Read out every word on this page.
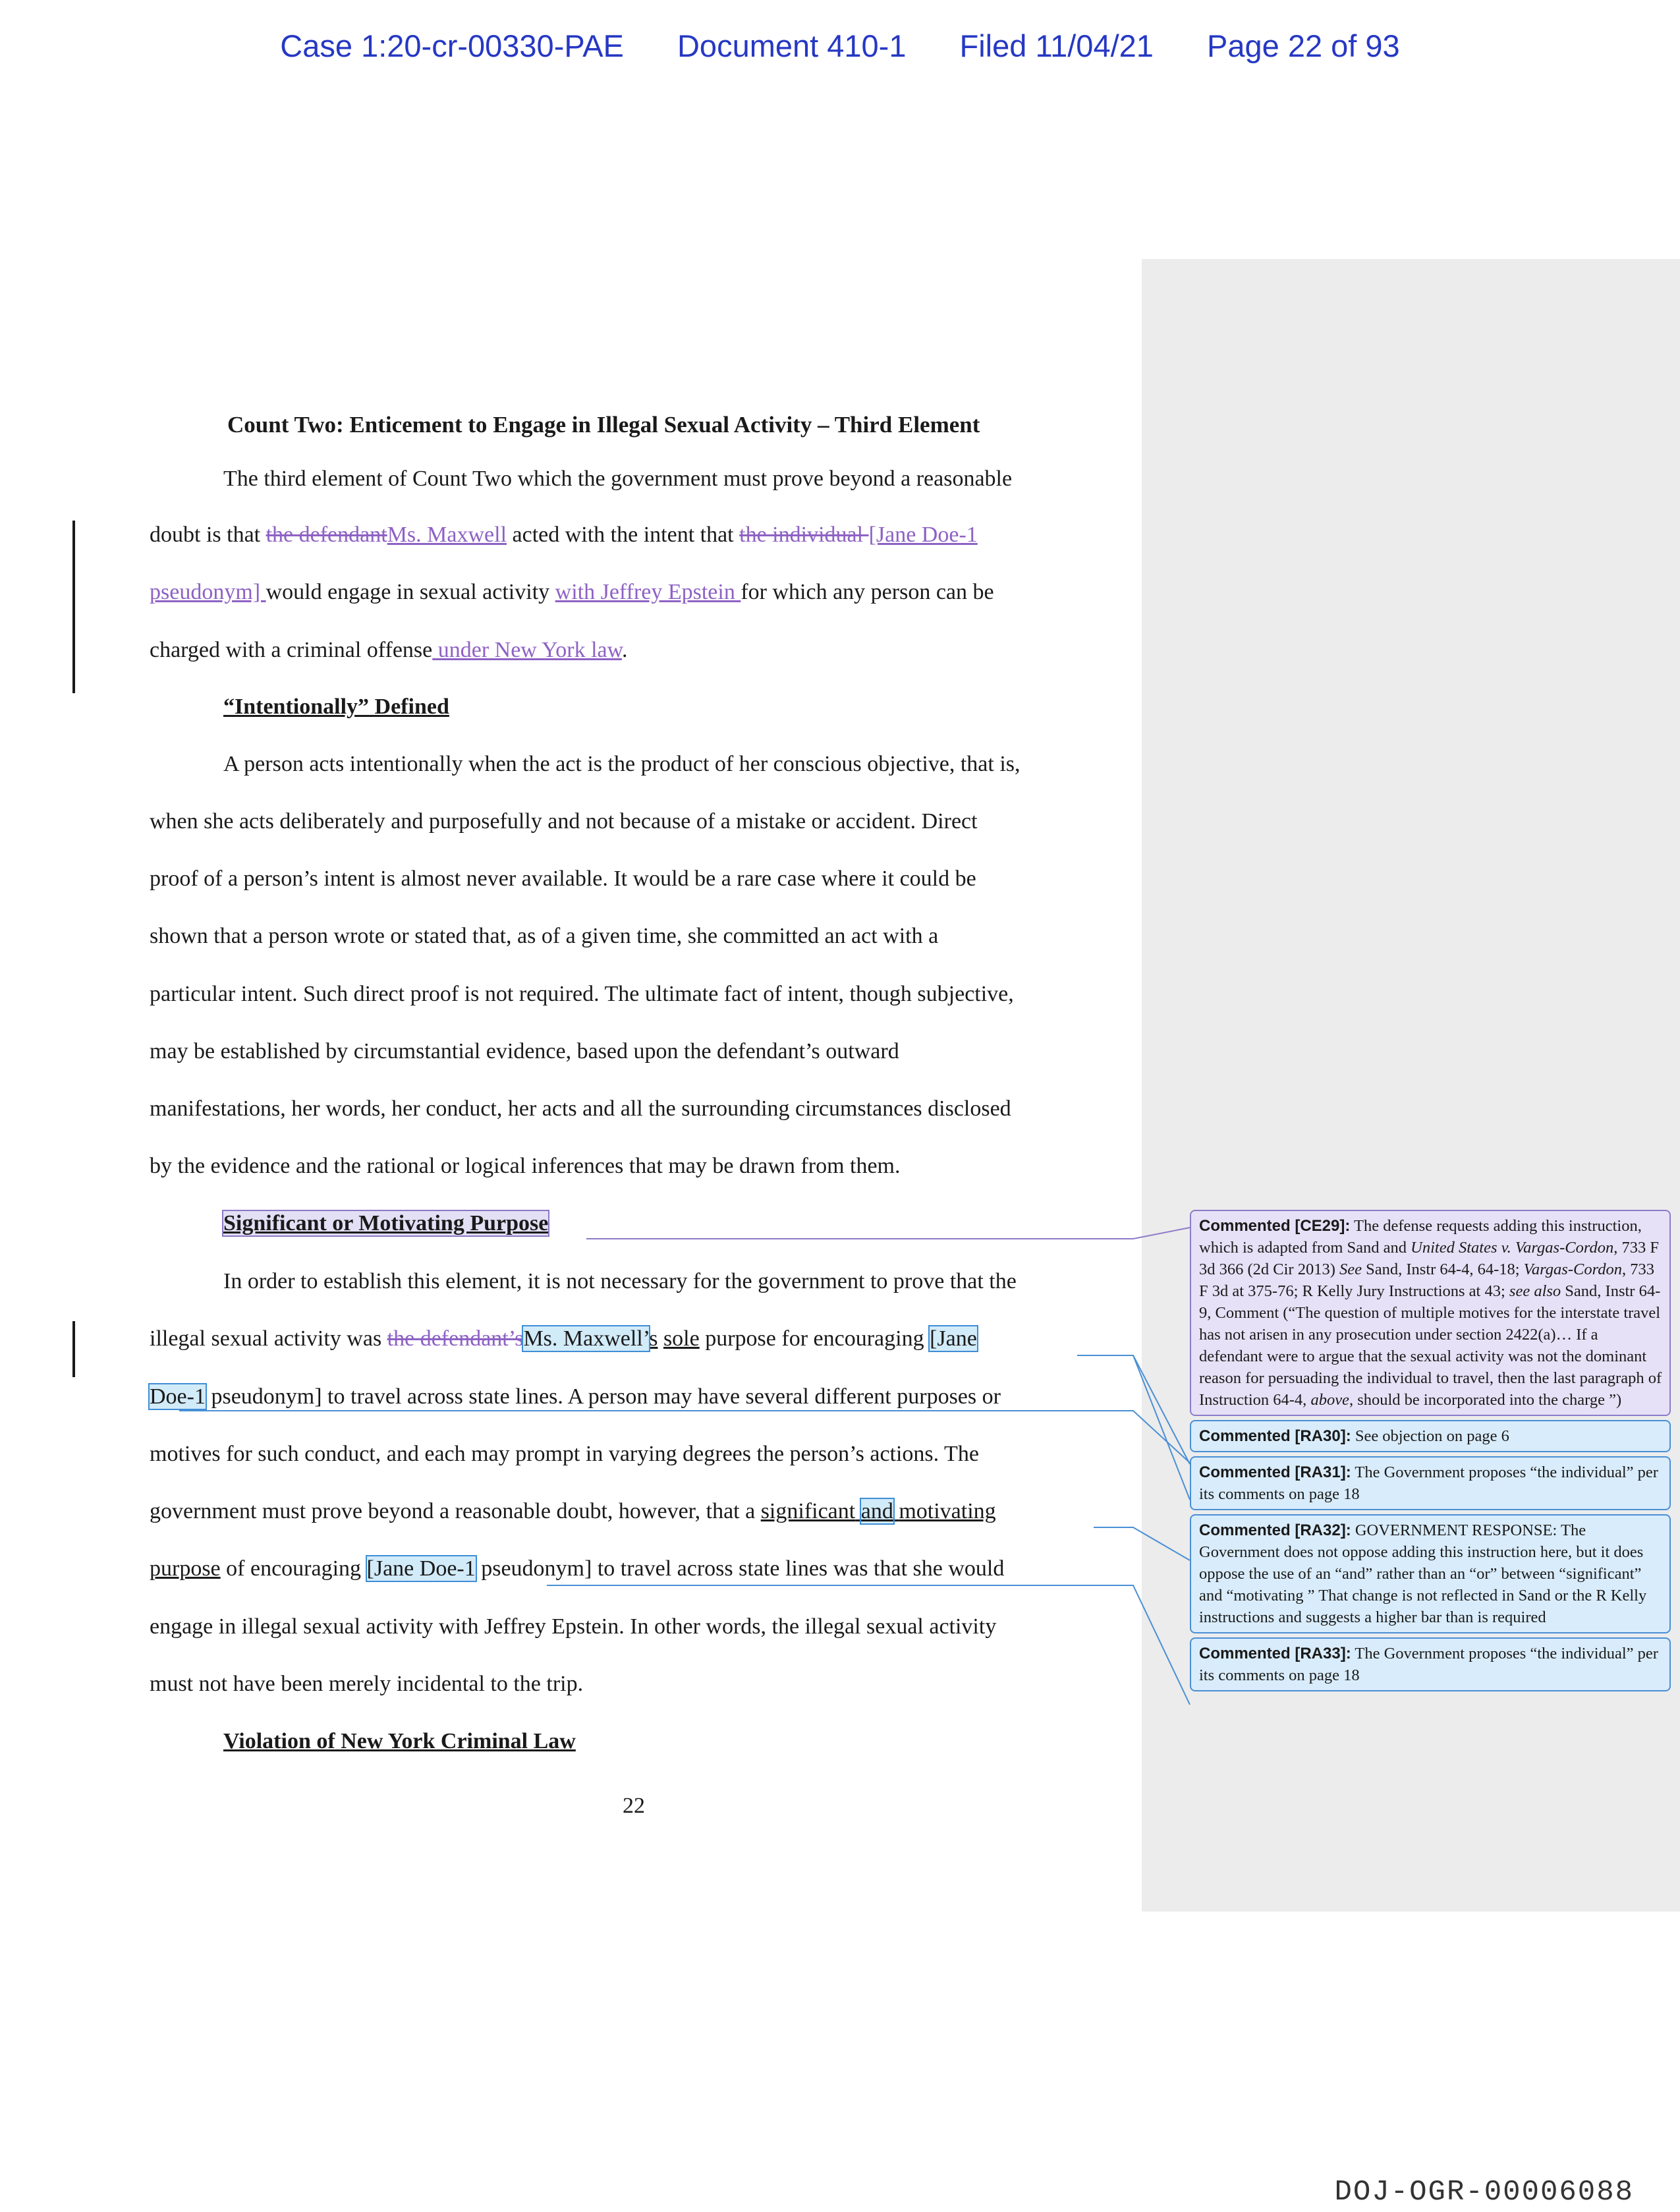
Case 1:20-cr-00330-PAE Document 410-1 Filed 11/04/21 Page 22 of 93
Count Two: Enticement to Engage in Illegal Sexual Activity – Third Element
The third element of Count Two which the government must prove beyond a reasonable
doubt is that the defendantMs. Maxwell acted with the intent that the individual [Jane Doe-1
pseudonym] would engage in sexual activity with Jeffrey Epstein for which any person can be
charged with a criminal offense under New York law.
“Intentionally” Defined
A person acts intentionally when the act is the product of her conscious objective, that is,
when she acts deliberately and purposefully and not because of a mistake or accident. Direct
proof of a person’s intent is almost never available. It would be a rare case where it could be
shown that a person wrote or stated that, as of a given time, she committed an act with a
particular intent. Such direct proof is not required. The ultimate fact of intent, though subjective,
may be established by circumstantial evidence, based upon the defendant’s outward
manifestations, her words, her conduct, her acts and all the surrounding circumstances disclosed
by the evidence and the rational or logical inferences that may be drawn from them.
Significant or Motivating Purpose
In order to establish this element, it is not necessary for the government to prove that the
illegal sexual activity was the defendant’sMs. Maxwell’s sole purpose for encouraging [Jane
Doe-1 pseudonym] to travel across state lines. A person may have several different purposes or
motives for such conduct, and each may prompt in varying degrees the person’s actions. The
government must prove beyond a reasonable doubt, however, that a significant and motivating
purpose of encouraging [Jane Doe-1 pseudonym] to travel across state lines was that she would
engage in illegal sexual activity with Jeffrey Epstein. In other words, the illegal sexual activity
must not have been merely incidental to the trip.
Violation of New York Criminal Law
22
Commented [CE29]: The defense requests adding this instruction, which is adapted from Sand and United States v. Vargas-Cordon, 733 F 3d 366 (2d Cir 2013) See Sand, Instr 64-4, 64-18; Vargas-Cordon, 733 F 3d at 375-76; R Kelly Jury Instructions at 43; see also Sand, Instr 64-9, Comment (“The question of multiple motives for the interstate travel has not arisen in any prosecution under section 2422(a)… If a defendant were to argue that the sexual activity was not the dominant reason for persuading the individual to travel, then the last paragraph of Instruction 64-4, above, should be incorporated into the charge ”)
Commented [RA30]: See objection on page 6
Commented [RA31]: The Government proposes “the individual” per its comments on page 18
Commented [RA32]: GOVERNMENT RESPONSE: The Government does not oppose adding this instruction here, but it does oppose the use of an “and” rather than an “or” between “significant” and “motivating ” That change is not reflected in Sand or the R Kelly instructions and suggests a higher bar than is required
Commented [RA33]: The Government proposes “the individual” per its comments on page 18
DOJ-OGR-00006088
